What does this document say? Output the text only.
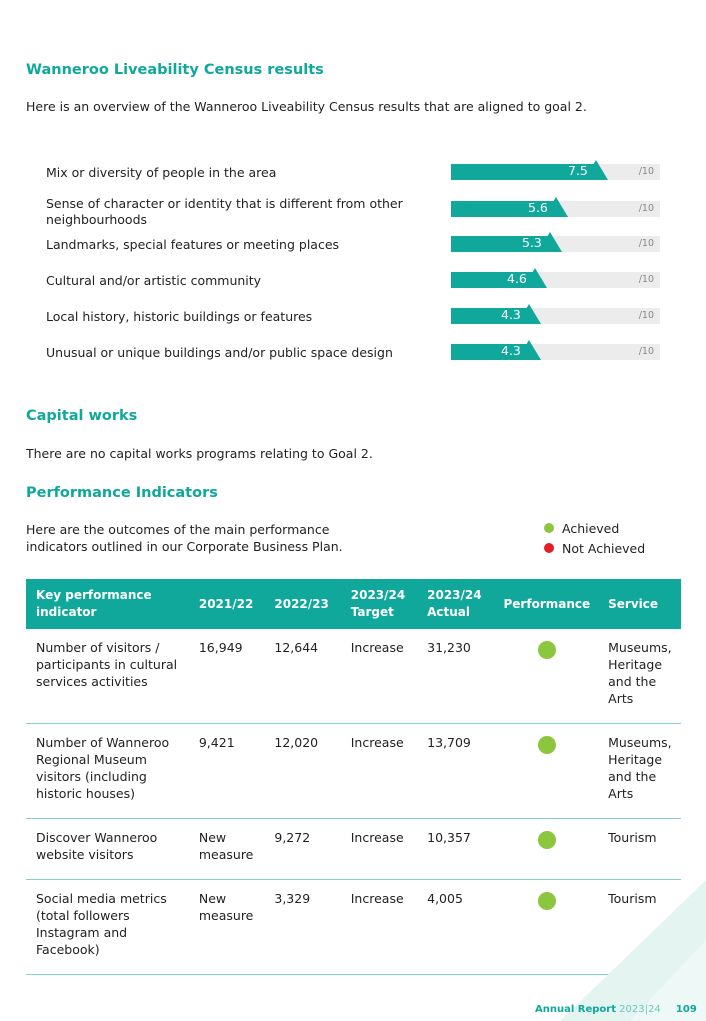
Wanneroo Liveability Census results

Here is an overview of the Wanneroo Liveability Census results that are aligned to goal 2.

Mix or diversity of people in the area	7.5	/10
Sense of character or identity that is different from other neighbourhoods
5.6	/10
Landmarks, special features or meeting places	5.3	/10
Cultural and/or artistic community	4.6	/10
Local history, historic buildings or features	4.3	/10
Unusual or unique buildings and/or public space design	4.3	/10
Capital works

There are no capital works programs relating to Goal 2.

Performance Indicators
Here are the outcomes of the main performance
indicators outlined in our Corporate Business Plan.
Achieved
Not Achieved
Key performance indicator	2021/22	2022/23	2023/24 Target	2023/24 Actual	Performance	Service
Number of visitors / participants in cultural services activities	16,949	12,644	Increase	31,230		Museums, Heritage and the Arts
Number of Wanneroo Regional Museum visitors (including historic houses)	9,421	12,020	Increase	13,709		Museums, Heritage and the Arts
Discover Wanneroo website visitors	New measure	9,272	Increase	10,357		Tourism
Social media metrics (total followers Instagram and Facebook)	New measure	3,329	Increase	4,005		Tourism
Annual Report 2023|24 109
